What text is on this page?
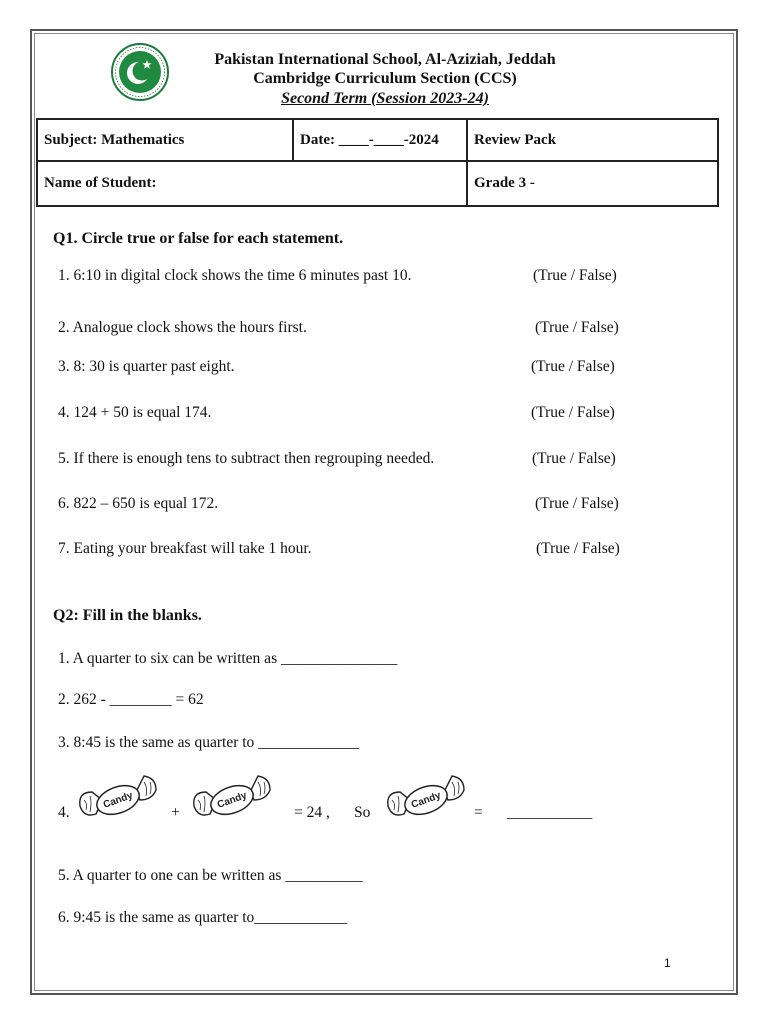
Pakistan International School, Al-Aziziah, Jeddah
Cambridge Curriculum Section (CCS)
Second Term (Session 2023-24)
Subject: Mathematics	Date: ____-____-2024	Review Pack
Name of Student:		Grade 3 -
Q1. Circle true or false for each statement.
1. 6:10 in digital clock shows the time 6 minutes past 10.	(True / False)
2. Analogue clock shows the hours first.	(True / False)
3. 8: 30 is quarter past eight.	(True / False)
4. 124 + 50 is equal 174.	(True / False)
5. If there is enough tens to subtract then regrouping needed.	(True / False)
6. 822 – 650 is equal 172.	(True / False)
7. Eating your breakfast will take 1 hour.	(True / False)
Q2: Fill in the blanks.
1. A quarter to six can be written as _______________
2. 262 - ________ = 62
3. 8:45 is the same as quarter to _____________
4.
Candy
+
Candy
= 24 , So
Candy
= ___________
5. A quarter to one can be written as __________
6. 9:45 is the same as quarter to____________
1
